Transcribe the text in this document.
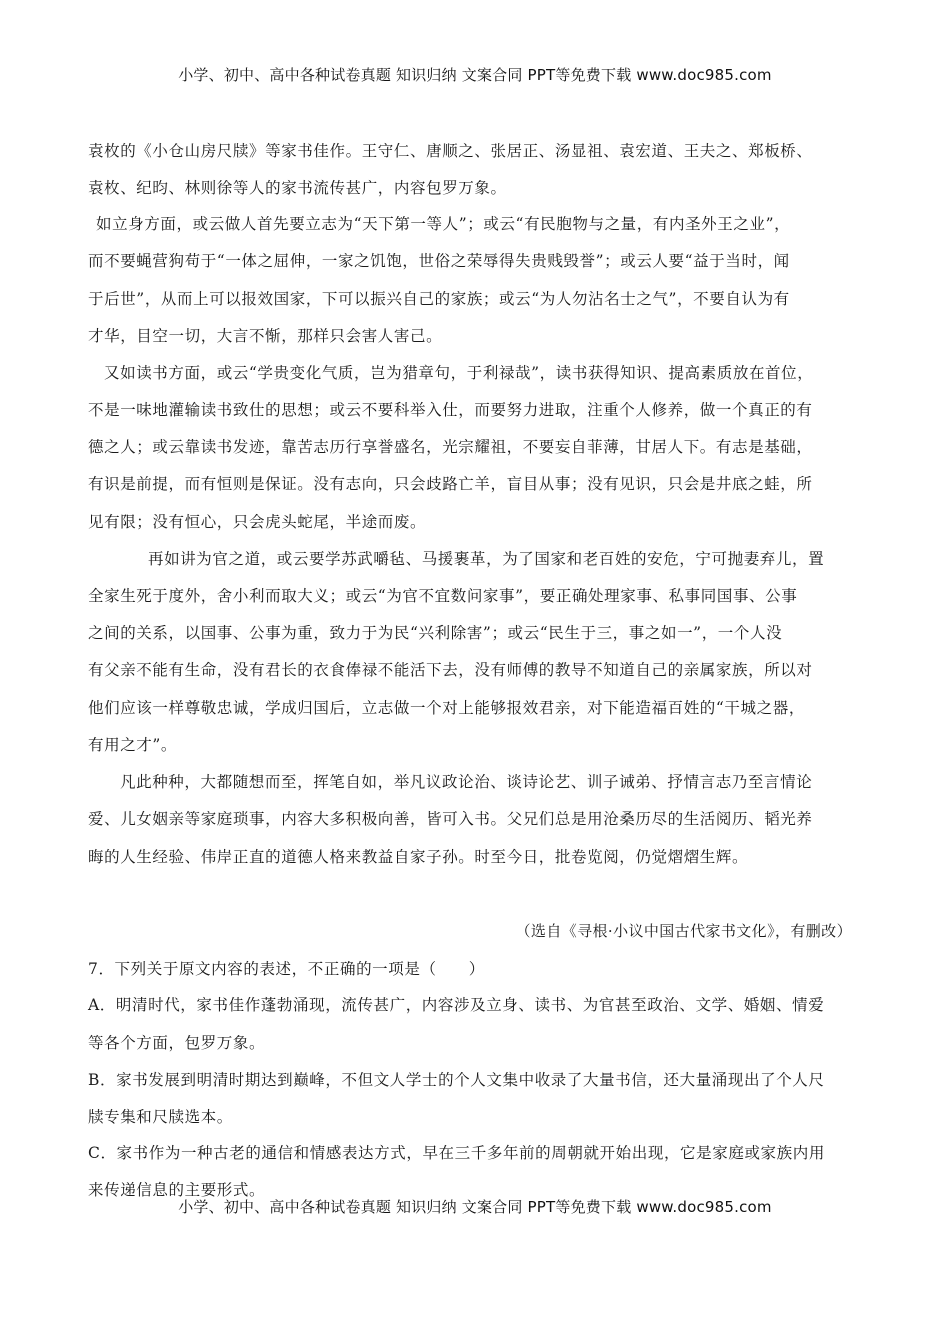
小学、初中、高中各种试卷真题 知识归纳 文案合同 PPT等免费下载 www.doc985.com
袁枚的《小仓山房尺牍》等家书佳作。王守仁、唐顺之、张居正、汤显祖、袁宏道、王夫之、郑板桥、
袁枚、纪昀、林则徐等人的家书流传甚广，内容包罗万象。
如立身方面，或云做人首先要立志为“天下第一等人”；或云“有民胞物与之量，有内圣外王之业”，
而不要蝇营狗苟于“一体之屈伸，一家之饥饱，世俗之荣辱得失贵贱毁誉”；或云人要“益于当时，闻
于后世”，从而上可以报效国家，下可以振兴自己的家族；或云“为人勿沾名士之气”，不要自认为有
才华，目空一切，大言不惭，那样只会害人害己。
又如读书方面，或云“学贵变化气质，岂为猎章句，于利禄哉”，读书获得知识、提高素质放在首位，
不是一味地灌输读书致仕的思想；或云不要科举入仕，而要努力进取，注重个人修养，做一个真正的有
德之人；或云靠读书发迹，靠苦志历行享誉盛名，光宗耀祖，不要妄自菲薄，甘居人下。有志是基础，
有识是前提，而有恒则是保证。没有志向，只会歧路亡羊，盲目从事；没有见识，只会是井底之蛙，所
见有限；没有恒心，只会虎头蛇尾，半途而废。
再如讲为官之道，或云要学苏武嚼毡、马援裹革，为了国家和老百姓的安危，宁可抛妻弃儿，置
全家生死于度外，舍小利而取大义；或云“为官不宜数问家事”，要正确处理家事、私事同国事、公事
之间的关系，以国事、公事为重，致力于为民“兴利除害”；或云“民生于三，事之如一”，一个人没
有父亲不能有生命，没有君长的衣食俸禄不能活下去，没有师傅的教导不知道自己的亲属家族，所以对
他们应该一样尊敬忠诚，学成归国后，立志做一个对上能够报效君亲，对下能造福百姓的“干城之器，
有用之才”。
凡此种种，大都随想而至，挥笔自如，举凡议政论治、谈诗论艺、训子诫弟、抒情言志乃至言情论
爱、儿女姻亲等家庭琐事，内容大多积极向善，皆可入书。父兄们总是用沧桑历尽的生活阅历、韬光养
晦的人生经验、伟岸正直的道德人格来教益自家子孙。时至今日，批卷览阅，仍觉熠熠生辉。
（选自《寻根·小议中国古代家书文化》，有删改）
7．下列关于原文内容的表述，不正确的一项是（　　）
A．明清时代，家书佳作蓬勃涌现，流传甚广，内容涉及立身、读书、为官甚至政治、文学、婚姻、情爱
等各个方面，包罗万象。
B．家书发展到明清时期达到巅峰，不但文人学士的个人文集中收录了大量书信，还大量涌现出了个人尺
牍专集和尺牍选本。
C．家书作为一种古老的通信和情感表达方式，早在三千多年前的周朝就开始出现，它是家庭或家族内用
来传递信息的主要形式。
小学、初中、高中各种试卷真题 知识归纳 文案合同 PPT等免费下载 www.doc985.com
